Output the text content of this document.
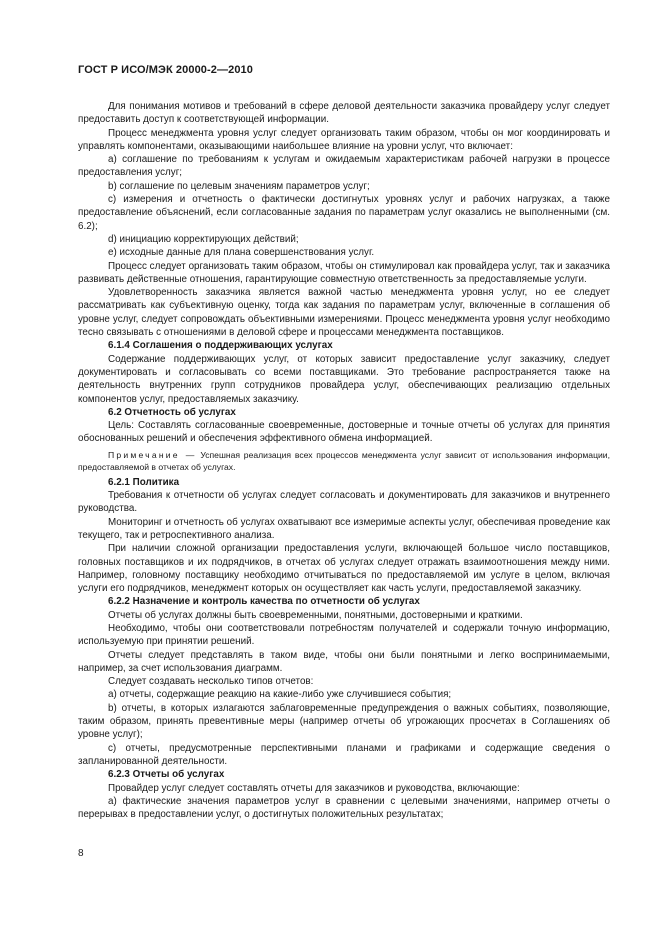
ГОСТ Р ИСО/МЭК 20000-2—2010

Для понимания мотивов и требований в сфере деловой деятельности заказчика провайдеру услуг следует предоставить доступ к соответствующей информации.

Процесс менеджмента уровня услуг следует организовать таким образом, чтобы он мог координировать и управлять компонентами, оказывающими наибольшее влияние на уровни услуг, что включает:

а) соглашение по требованиям к услугам и ожидаемым характеристикам рабочей нагрузки в процессе предоставления услуг;

b) соглашение по целевым значениям параметров услуг;

c) измерения и отчетность о фактически достигнутых уровнях услуг и рабочих нагрузках, а также предоставление объяснений, если согласованные задания по параметрам услуг оказались не выполненными (см. 6.2);

d) инициацию корректирующих действий;

e) исходные данные для плана совершенствования услуг.

Процесс следует организовать таким образом, чтобы он стимулировал как провайдера услуг, так и заказчика развивать действенные отношения, гарантирующие совместную ответственность за предоставляемые услуги.

Удовлетворенность заказчика является важной частью менеджмента уровня услуг, но ее следует рассматривать как субъективную оценку, тогда как задания по параметрам услуг, включенные в соглашения об уровне услуг, следует сопровождать объективными измерениями. Процесс менеджмента уровня услуг необходимо тесно связывать с отношениями в деловой сфере и процессами менеджмента поставщиков.

6.1.4 Соглашения о поддерживающих услугах

Содержание поддерживающих услуг, от которых зависит предоставление услуг заказчику, следует документировать и согласовывать со всеми поставщиками. Это требование распространяется также на деятельность внутренних групп сотрудников провайдера услуг, обеспечивающих реализацию отдельных компонентов услуг, предоставляемых заказчику.

6.2 Отчетность об услугах

Цель: Составлять согласованные своевременные, достоверные и точные отчеты об услугах для принятия обоснованных решений и обеспечения эффективного обмена информацией.

Примечание — Успешная реализация всех процессов менеджмента услуг зависит от использования информации, предоставляемой в отчетах об услугах.

6.2.1 Политика

Требования к отчетности об услугах следует согласовать и документировать для заказчиков и внутреннего руководства.

Мониторинг и отчетность об услугах охватывают все измеримые аспекты услуг, обеспечивая проведение как текущего, так и ретроспективного анализа.

При наличии сложной организации предоставления услуги, включающей большое число поставщиков, головных поставщиков и их подрядчиков, в отчетах об услугах следует отражать взаимоотношения между ними. Например, головному поставщику необходимо отчитываться по предоставляемой им услуге в целом, включая услуги его подрядчиков, менеджмент которых он осуществляет как часть услуги, предоставляемой заказчику.

6.2.2 Назначение и контроль качества по отчетности об услугах

Отчеты об услугах должны быть своевременными, понятными, достоверными и краткими.

Необходимо, чтобы они соответствовали потребностям получателей и содержали точную информацию, используемую при принятии решений.

Отчеты следует представлять в таком виде, чтобы они были понятными и легко воспринимаемыми, например, за счет использования диаграмм.

Следует создавать несколько типов отчетов:

а) отчеты, содержащие реакцию на какие-либо уже случившиеся события;

b) отчеты, в которых излагаются заблаговременные предупреждения о важных событиях, позволяющие, таким образом, принять превентивные меры (например отчеты об угрожающих просчетах в Соглашениях об уровне услуг);

c) отчеты, предусмотренные перспективными планами и графиками и содержащие сведения о запланированной деятельности.

6.2.3 Отчеты об услугах

Провайдер услуг следует составлять отчеты для заказчиков и руководства, включающие:

а) фактические значения параметров услуг в сравнении с целевыми значениями, например отчеты о перерывах в предоставлении услуг, о достигнутых положительных результатах;

8
